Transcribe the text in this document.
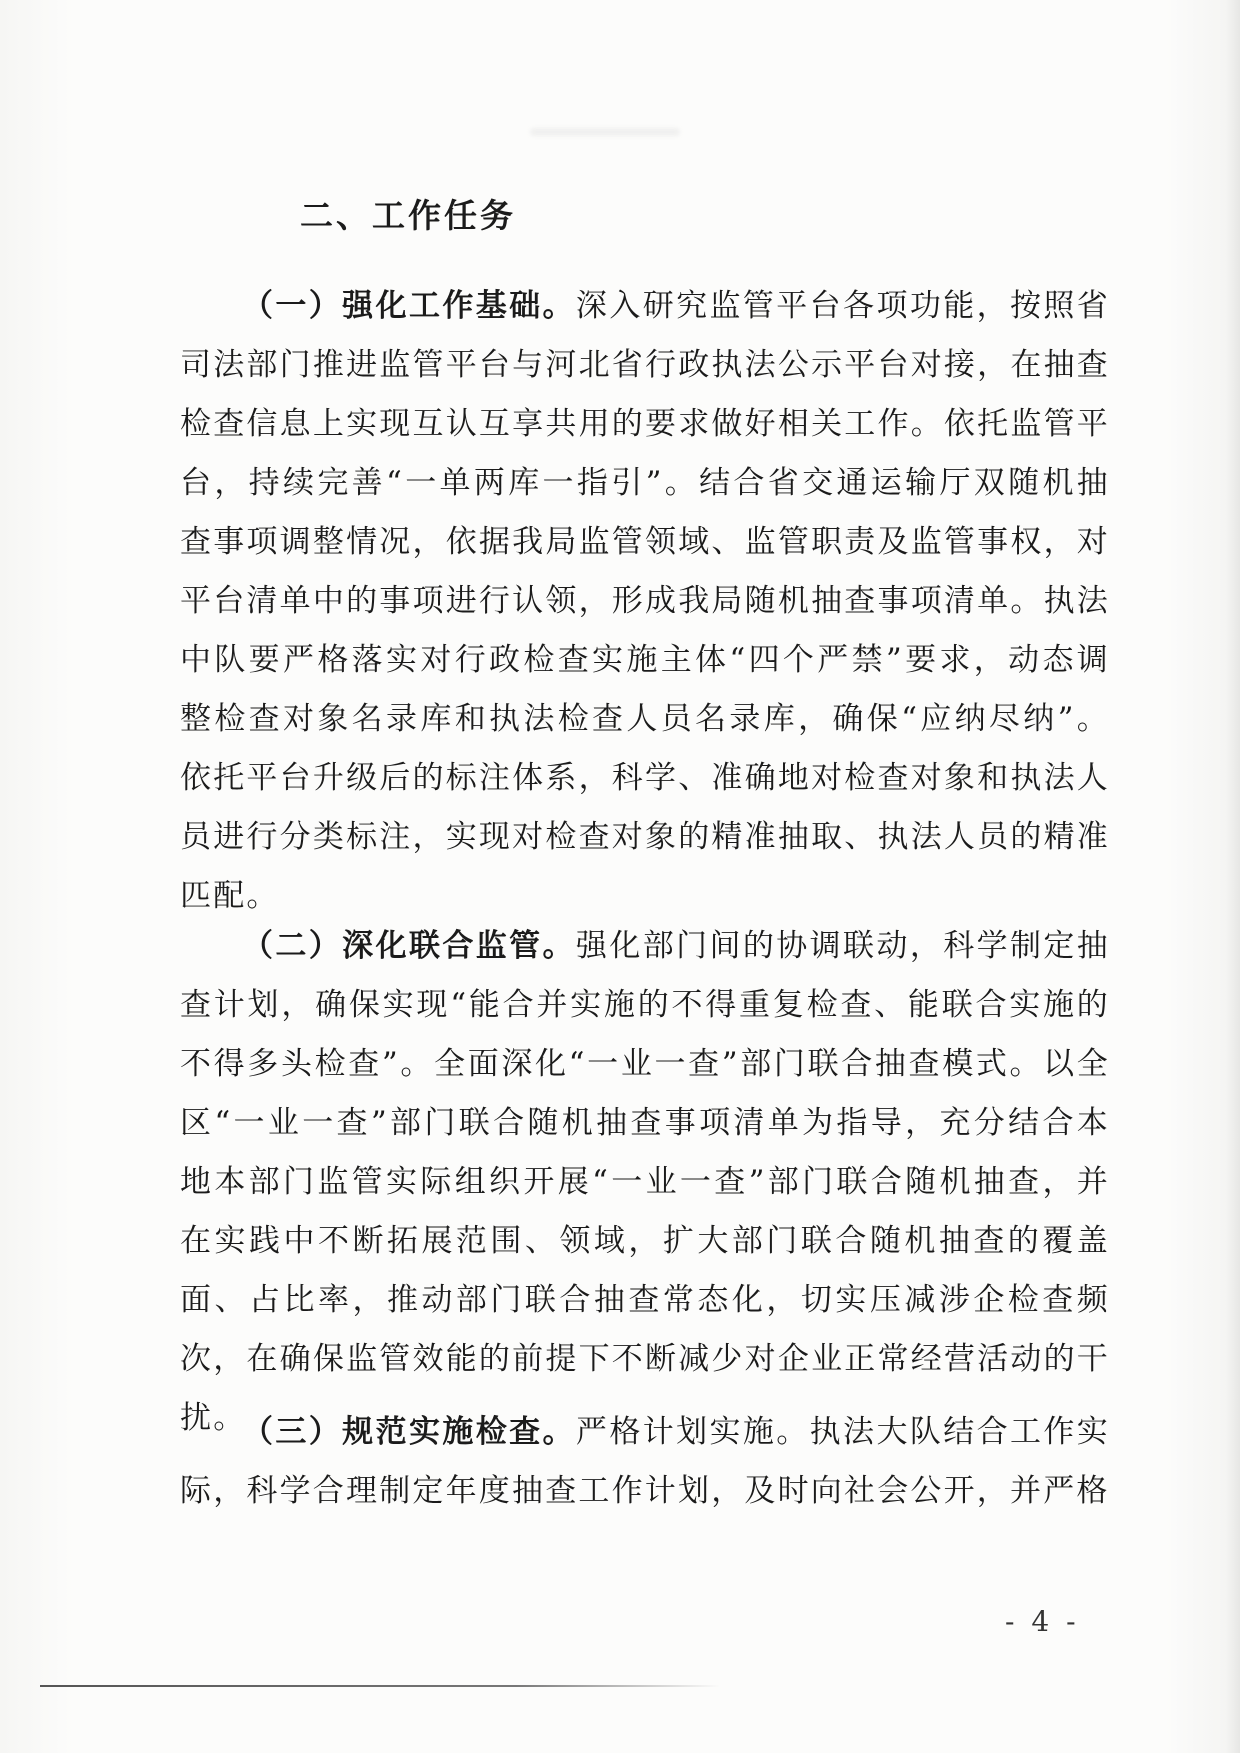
二、工作任务

（一）强化工作基础。深入研究监管平台各项功能，按照省司法部门推进监管平台与河北省行政执法公示平台对接，在抽查检查信息上实现互认互享共用的要求做好相关工作。依托监管平台，持续完善“一单两库一指引”。结合省交通运输厅双随机抽查事项调整情况，依据我局监管领域、监管职责及监管事权，对平台清单中的事项进行认领，形成我局随机抽查事项清单。执法中队要严格落实对行政检查实施主体“四个严禁”要求，动态调整检查对象名录库和执法检查人员名录库，确保“应纳尽纳”。依托平台升级后的标注体系，科学、准确地对检查对象和执法人员进行分类标注，实现对检查对象的精准抽取、执法人员的精准匹配。

（二）深化联合监管。强化部门间的协调联动，科学制定抽查计划，确保实现“能合并实施的不得重复检查、能联合实施的不得多头检查”。全面深化“一业一查”部门联合抽查模式。以全区“一业一查”部门联合随机抽查事项清单为指导，充分结合本地本部门监管实际组织开展“一业一查”部门联合随机抽查，并在实践中不断拓展范围、领域，扩大部门联合随机抽查的覆盖面、占比率，推动部门联合抽查常态化，切实压减涉企检查频次，在确保监管效能的前提下不断减少对企业正常经营活动的干扰。

（三）规范实施检查。严格计划实施。执法大队结合工作实际，科学合理制定年度抽查工作计划，及时向社会公开，并严格

- 4 -
